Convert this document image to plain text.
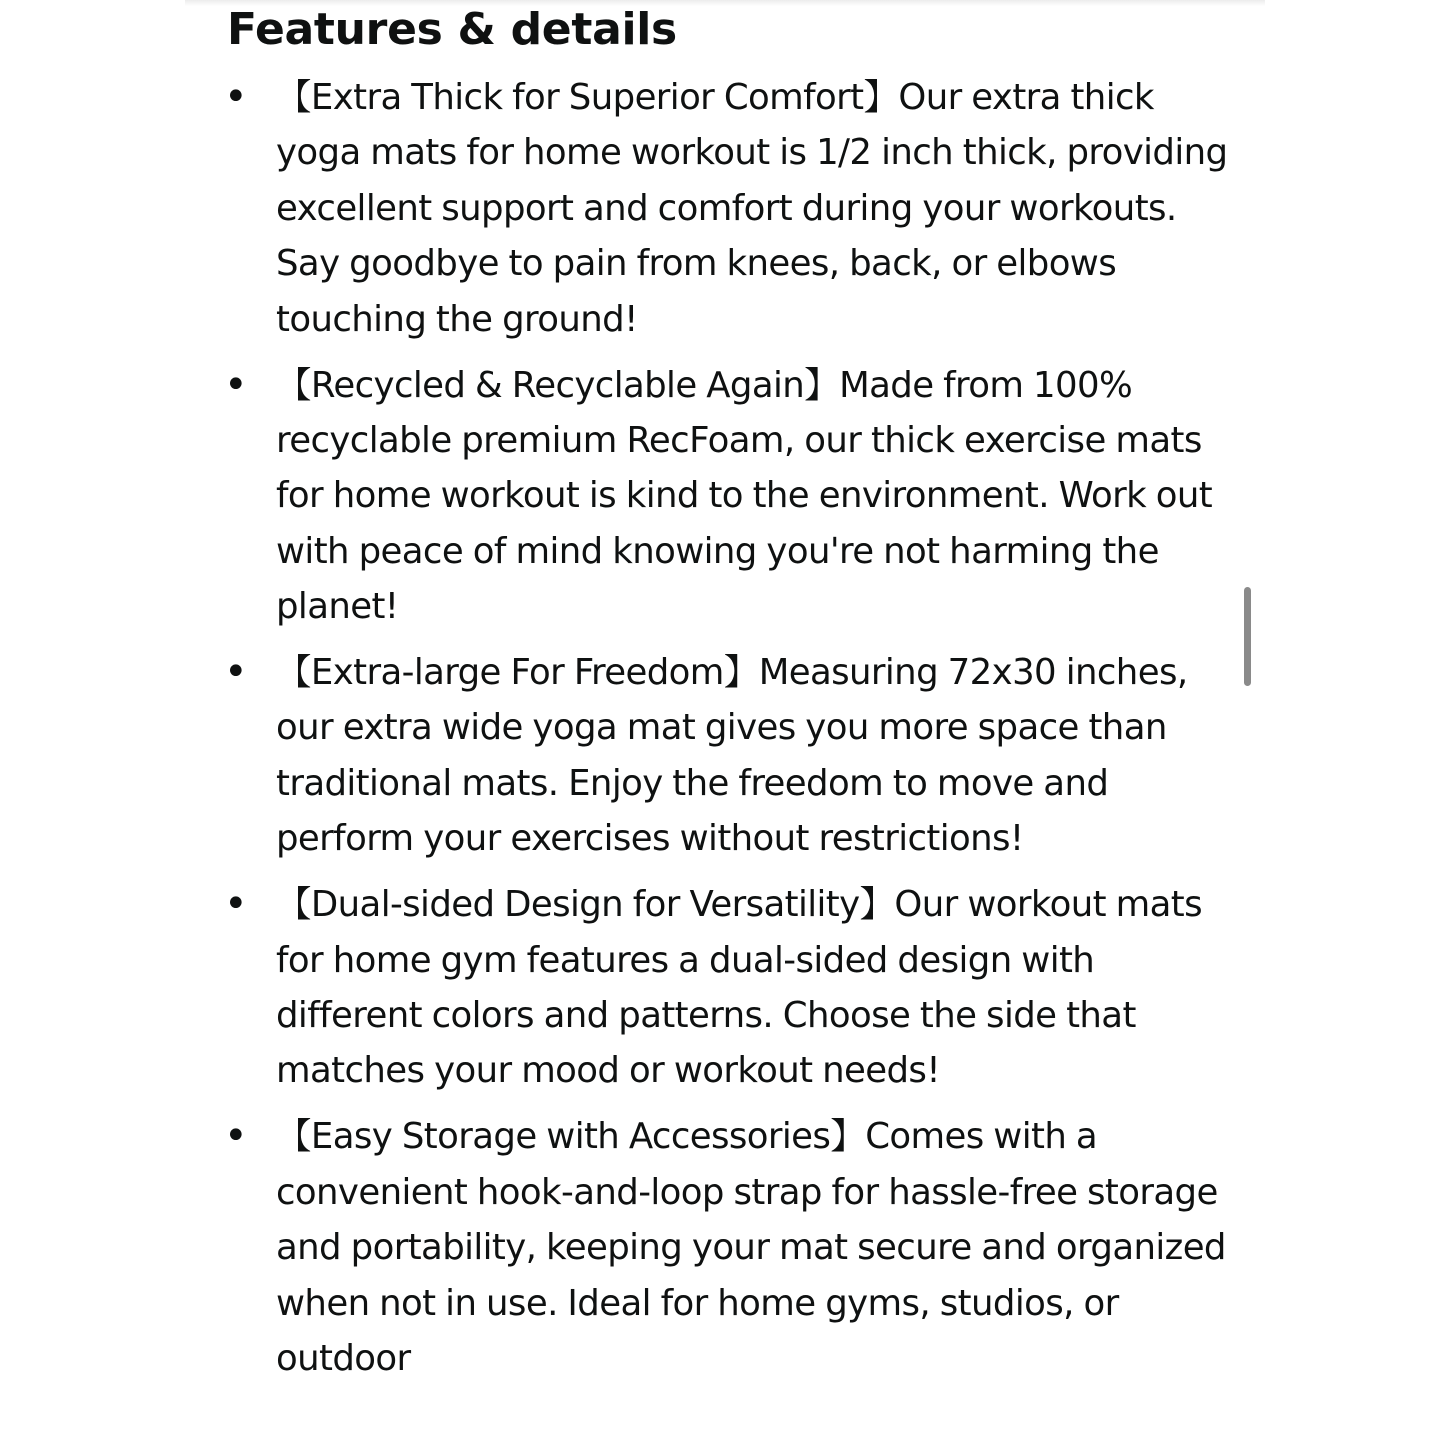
Features & details
• 【Extra Thick for Superior Comfort】Our extra thick yoga mats for home workout is 1/2 inch thick, providing excellent support and comfort during your workouts. Say goodbye to pain from knees, back, or elbows touching the ground!
• 【Recycled & Recyclable Again】Made from 100% recyclable premium RecFoam, our thick exercise mats for home workout is kind to the environment. Work out with peace of mind knowing you're not harming the planet!
• 【Extra-large For Freedom】Measuring 72x30 inches, our extra wide yoga mat gives you more space than traditional mats. Enjoy the freedom to move and perform your exercises without restrictions!
• 【Dual-sided Design for Versatility】Our workout mats for home gym features a dual-sided design with different colors and patterns. Choose the side that matches your mood or workout needs!
• 【Easy Storage with Accessories】Comes with a convenient hook-and-loop strap for hassle-free storage and portability, keeping your mat secure and organized when not in use. Ideal for home gyms, studios, or outdoor
